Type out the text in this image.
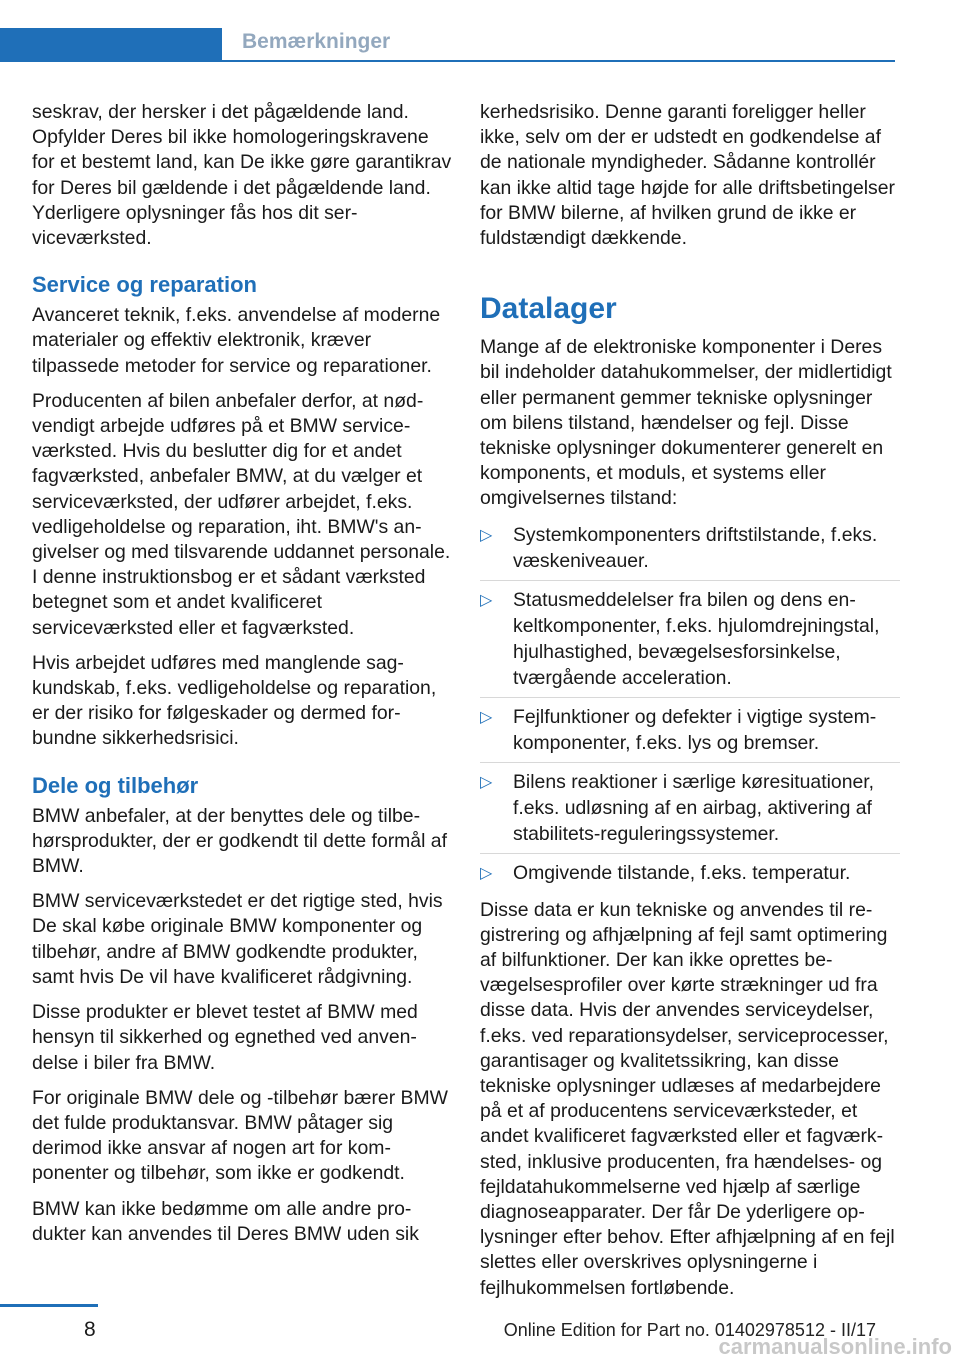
Bemærkninger

seskrav, der hersker i det pågældende land. Opfylder Deres bil ikke homologeringskravene for et bestemt land, kan De ikke gøre garantikrav for Deres bil gældende i det pågældende land. Yderligere oplysninger fås hos dit serviceværksted.

Service og reparation

Avanceret teknik, f.eks. anvendelse af moderne materialer og effektiv elektronik, kræver tilpassede metoder for service og reparationer.

Producenten af bilen anbefaler derfor, at nødvendigt arbejde udføres på et BMW serviceværksted. Hvis du beslutter dig for et andet fagværksted, anbefaler BMW, at du vælger et serviceværksted, der udfører arbejdet, f.eks. vedligeholdelse og reparation, iht. BMW's angivelser og med tilsvarende uddannet personale. I denne instruktionsbog er et sådant værksted betegnet som et andet kvalificeret serviceværksted eller et fagværksted.

Hvis arbejdet udføres med manglende sagkundskab, f.eks. vedligeholdelse og reparation, er der risiko for følgeskader og dermed forbundne sikkerhedsrisici.

Dele og tilbehør

BMW anbefaler, at der benyttes dele og tilbehørsprodukter, der er godkendt til dette formål af BMW.

BMW serviceværkstedet er det rigtige sted, hvis De skal købe originale BMW komponenter og tilbehør, andre af BMW godkendte produkter, samt hvis De vil have kvalificeret rådgivning.

Disse produkter er blevet testet af BMW med hensyn til sikkerhed og egnethed ved anvendelse i biler fra BMW.

For originale BMW dele og -tilbehør bærer BMW det fulde produktansvar. BMW påtager sig derimod ikke ansvar af nogen art for komponenter og tilbehør, som ikke er godkendt.

BMW kan ikke bedømme om alle andre produkter kan anvendes til Deres BMW uden sik

kerhedsrisiko. Denne garanti foreligger heller ikke, selv om der er udstedt en godkendelse af de nationale myndigheder. Sådanne kontrollér kan ikke altid tage højde for alle driftsbetingelser for BMW bilerne, af hvilken grund de ikke er fuldstændigt dækkende.

Datalager

Mange af de elektroniske komponenter i Deres bil indeholder datahukommelser, der midlertidigt eller permanent gemmer tekniske oplysninger om bilens tilstand, hændelser og fejl. Disse tekniske oplysninger dokumenterer generelt en komponents, et moduls, et systems eller omgivelsernes tilstand:

▷ Systemkomponenters driftstilstande, f.eks. væskeniveauer.
▷ Statusmeddelelser fra bilen og dens enkeltkomponenter, f.eks. hjulomdrejningstal, hjulhastighed, bevægelsesforsinkelse, tværgående acceleration.
▷ Fejlfunktioner og defekter i vigtige systemkomponenter, f.eks. lys og bremser.
▷ Bilens reaktioner i særlige køresituationer, f.eks. udløsning af en airbag, aktivering af stabilitets-reguleringssystemer.
▷ Omgivende tilstande, f.eks. temperatur.

Disse data er kun tekniske og anvendes til registrering og afhjælpning af fejl samt optimering af bilfunktioner. Der kan ikke oprettes bevægelsesprofiler over kørte strækninger ud fra disse data. Hvis der anvendes serviceydelser, f.eks. ved reparationsydelser, serviceprocesser, garantisager og kvalitetssikring, kan disse tekniske oplysninger udlæses af medarbejdere på et af producentens serviceværksteder, et andet kvalificeret fagværksted eller et fagværksted, inklusive producenten, fra hændelses- og fejldatahukommelserne ved hjælp af særlige diagnoseapparater. Der får De yderligere oplysninger efter behov. Efter afhjælpning af en fejl slettes eller overskrives oplysningerne i fejlhukommelsen fortløbende.

8	Online Edition for Part no. 01402978512 - II/17
carmanualsonline.info
